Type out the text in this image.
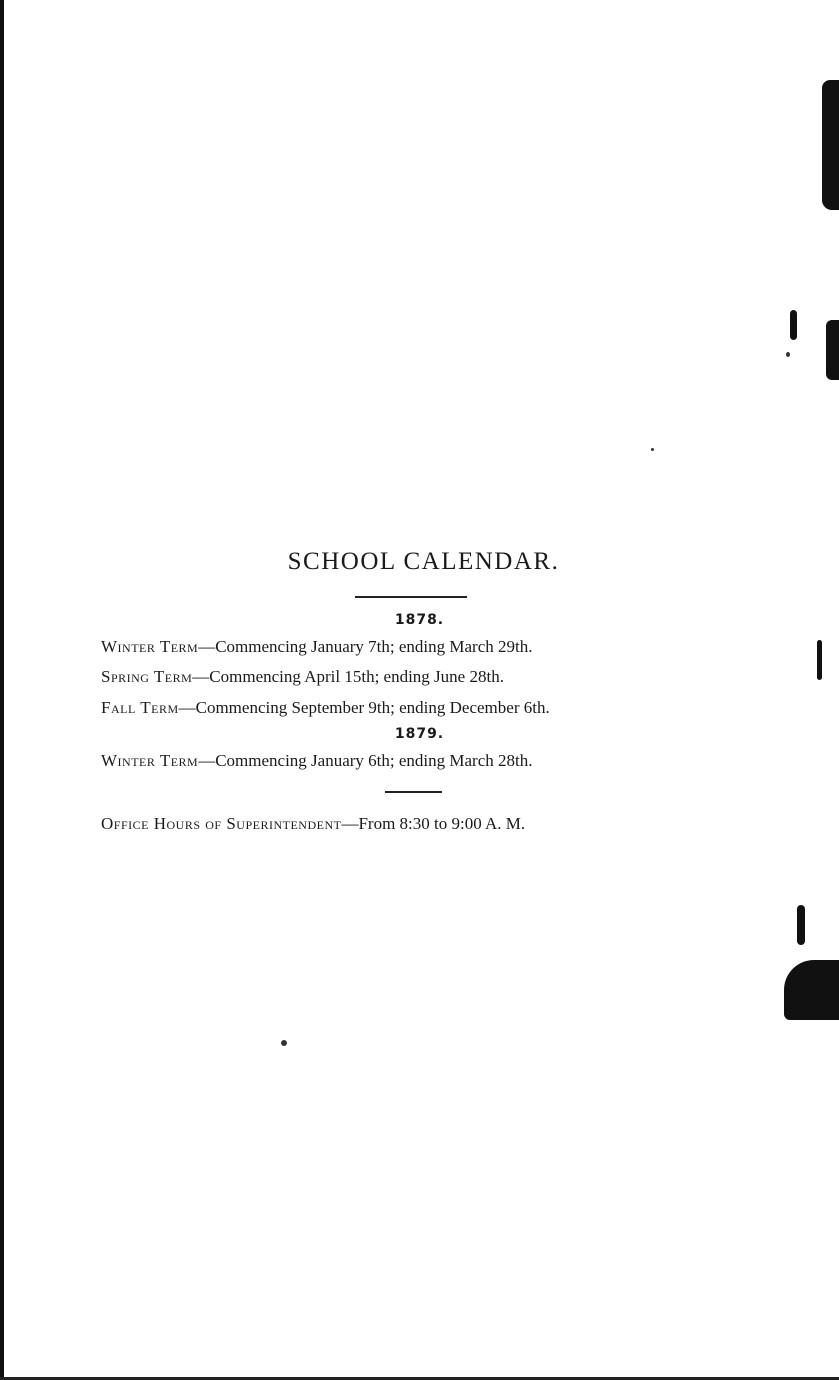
SCHOOL CALENDAR.
1878.
Winter Term—Commencing January 7th; ending March 29th.
Spring Term—Commencing April 15th; ending June 28th.
Fall Term—Commencing September 9th; ending December 6th.
1879.
Winter Term—Commencing January 6th; ending March 28th.
Office Hours of Superintendent—From 8:30 to 9:00 A. M.
